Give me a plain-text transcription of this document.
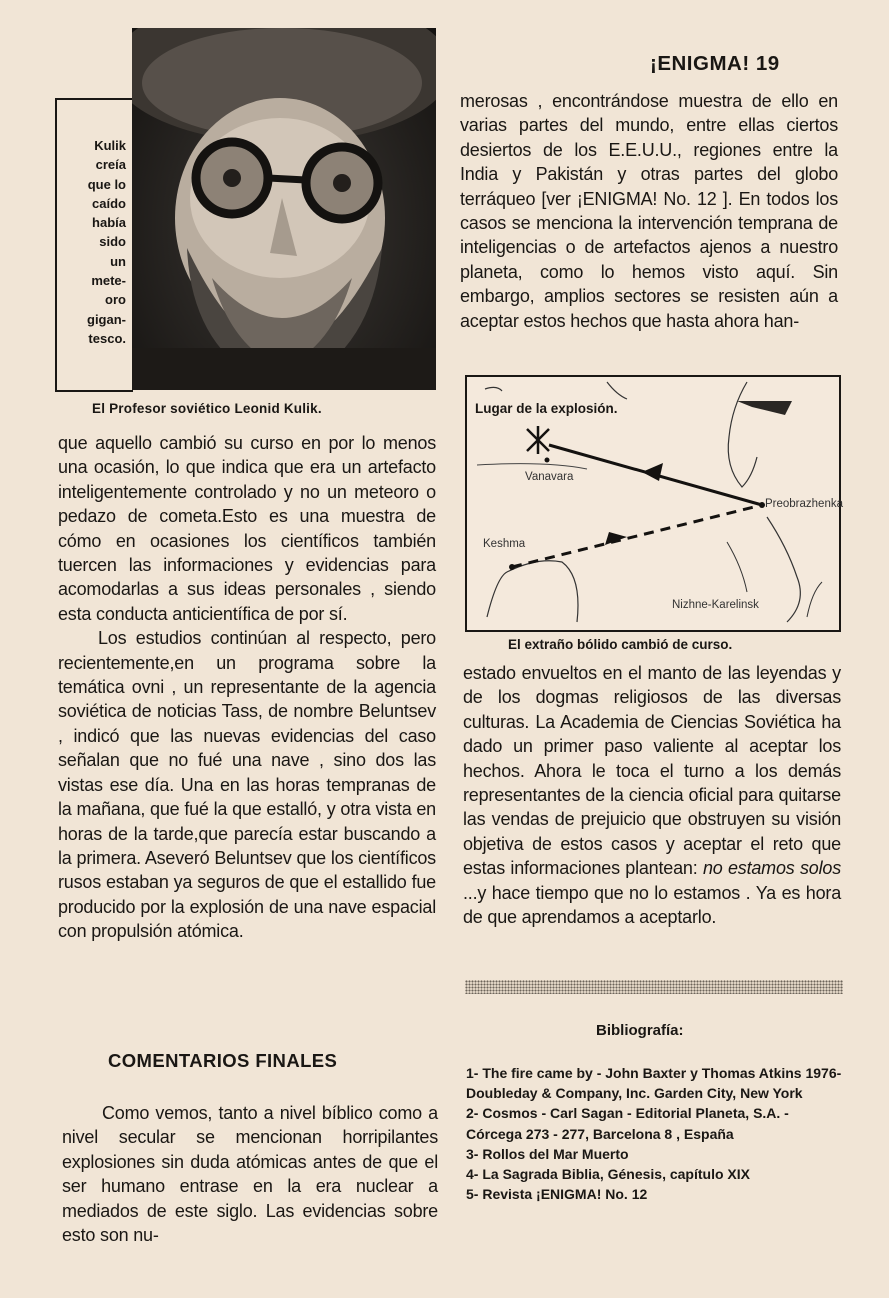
¡ENIGMA! 19
Kulik
creía
que lo
caído
había
sido
un
mete-
oro
gigan-
tesco.
El Profesor soviético Leonid Kulik.

que aquello cambió su curso en por lo menos una ocasión, lo que indica que era un artefacto inteligentemente controlado y no un meteoro o pedazo de cometa.Esto es una muestra de cómo en ocasiones los científicos también tuercen las informaciones y evidencias para acomodarlas a sus ideas personales , siendo esta conducta anticientífica de por sí.

Los estudios continúan al respecto, pero recientemente,en un programa sobre la temática ovni , un representante de la agencia soviética de noticias Tass, de nombre Beluntsev , indicó que las nuevas evidencias del caso señalan que no fué una nave , sino dos las vistas ese día. Una en las horas tempranas de la mañana, que fué la que estalló, y otra vista en horas de la tarde,que parecía estar buscando a la primera. Aseveró Beluntsev que los científicos rusos estaban ya seguros de que el estallido fue producido por la explosión de una nave espacial con propulsión atómica.

COMENTARIOS FINALES

Como vemos, tanto a nivel bíblico como a nivel secular se mencionan horripilantes explosiones sin duda atómicas antes de que el ser humano entrase en la era nuclear a mediados de este siglo. Las evidencias sobre esto son nu-

merosas , encontrándose muestra de ello en varias partes del mundo, entre ellas ciertos desiertos de los E.E.U.U., regiones entre la India y Pakistán y otras partes del globo terráqueo [ver ¡ENIGMA! No. 12 ]. En todos los casos se menciona la intervención temprana de inteligencias o de artefactos ajenos a nuestro planeta, como lo hemos visto aquí. Sin embargo, amplios sectores se resisten aún a aceptar estos hechos que hasta ahora han-

Lugar de la explosión.
Vanavara
Preobrazhenka
Keshma
Nizhne-Karelinsk
El extraño bólido cambió de curso.

estado envueltos en el manto de las leyendas y de los dogmas religiosos de las diversas culturas. La Academia de Ciencias Soviética ha dado un primer paso valiente al aceptar los hechos. Ahora le toca el turno a los demás representantes de la ciencia oficial para quitarse las vendas de prejuicio que obstruyen su visión objetiva de estos casos y aceptar el reto que estas informaciones plantean: no estamos solos ...y hace tiempo que no lo estamos . Ya es hora de que aprendamos a aceptarlo.

Bibliografía:

1- The fire came by - John Baxter y Thomas Atkins 1976- Doubleday & Company, Inc. Garden City, New York

2- Cosmos - Carl Sagan - Editorial Planeta, S.A. -Córcega 273 - 277, Barcelona 8 , España

3- Rollos del Mar Muerto

4- La Sagrada Biblia, Génesis, capítulo XIX

5- Revista ¡ENIGMA! No. 12
